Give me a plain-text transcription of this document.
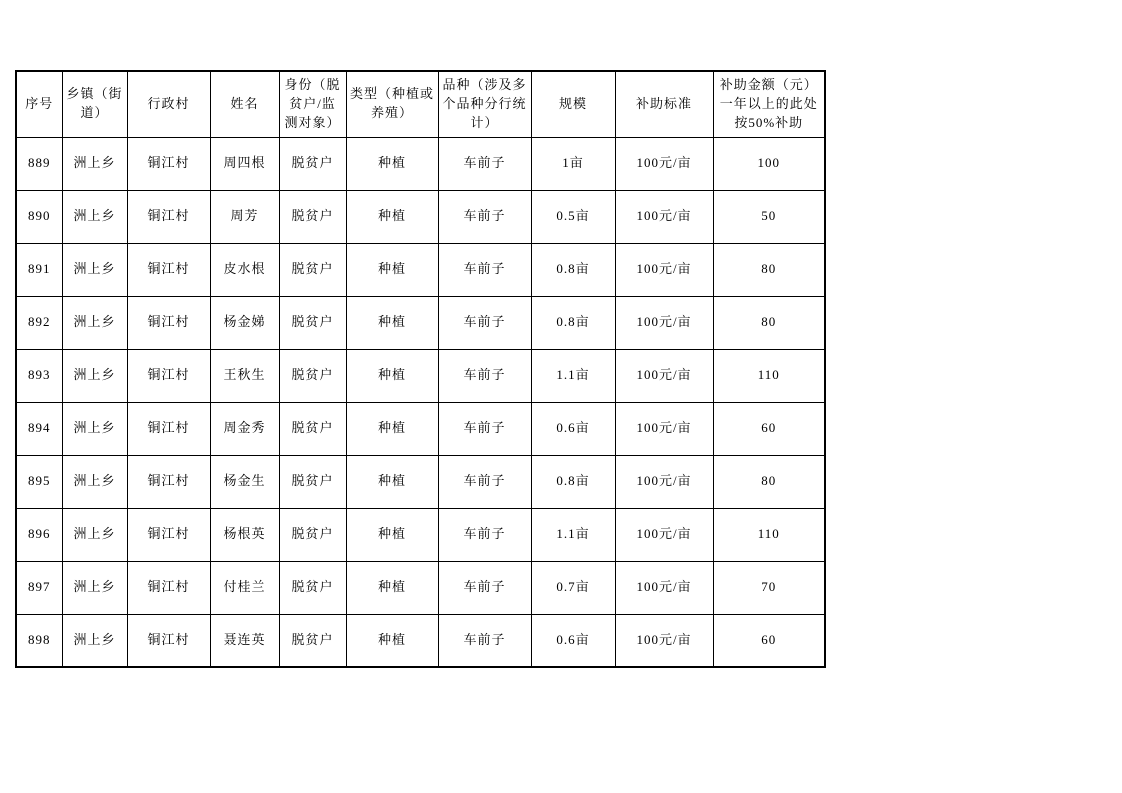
序号	乡镇（街道）	行政村	姓名	身份（脱贫户/监测对象）	类型（种植或养殖）	品种（涉及多个品种分行统计）	规模	补助标准	补助金额（元）一年以上的此处按50%补助
889	洲上乡	铜江村	周四根	脱贫户	种植	车前子	1亩	100元/亩	100
890	洲上乡	铜江村	周芳	脱贫户	种植	车前子	0.5亩	100元/亩	50
891	洲上乡	铜江村	皮水根	脱贫户	种植	车前子	0.8亩	100元/亩	80
892	洲上乡	铜江村	杨金娣	脱贫户	种植	车前子	0.8亩	100元/亩	80
893	洲上乡	铜江村	王秋生	脱贫户	种植	车前子	1.1亩	100元/亩	110
894	洲上乡	铜江村	周金秀	脱贫户	种植	车前子	0.6亩	100元/亩	60
895	洲上乡	铜江村	杨金生	脱贫户	种植	车前子	0.8亩	100元/亩	80
896	洲上乡	铜江村	杨根英	脱贫户	种植	车前子	1.1亩	100元/亩	110
897	洲上乡	铜江村	付桂兰	脱贫户	种植	车前子	0.7亩	100元/亩	70
898	洲上乡	铜江村	聂连英	脱贫户	种植	车前子	0.6亩	100元/亩	60
